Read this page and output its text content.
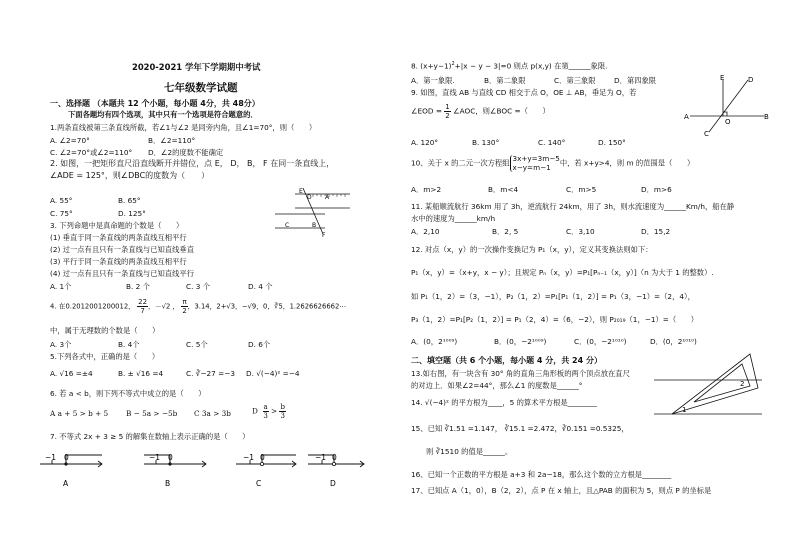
2020-2021 学年下学期期中考试
七年级数学试题
一、选择题 （本题共 12 个小题，每小题 4分，共 48分）
下面各题均有四个选项，其中只有一个选项是符合题意的．
1.两条直线被第三条直线所截，若∠1与∠2 是同旁内角，且∠1=70°，则（　　）
A. ∠2=70°	B．∠2=110°
C. ∠2=70°或∠2=110° D．∠2的度数不能确定
2. 如图，一把矩形直尺沿直线断开并错位，点 E， D， B， F 在同一条直线上，
∠ADE = 125°，则∠DBC的度数为（　　）
A. 55°	B. 65°
C. 75°	D. 125°
E
D A
C	B
F
3. 下列命题中是真命题的个数是（　　）
(1) 垂直于同一条直线的两条直线互相平行
(2) 过一点有且只有一条直线与已知直线垂直
(3) 平行于同一条直线的两条直线互相平行
(4) 过一点有且只有一条直线与已知直线平行
A. 1个	B. 2 个	C. 3 个	D. 4 个
4. 在0.2012001200012， $\frac{22}{7}$ ，－√2 ， $\frac{\pi}{2}$ ，3.14，2+√3，−√9，0，∛5，1.2626626662⋯
中，属于无理数的个数是（　　）
A. 3个	B. 4个	C. 5个	D. 6个
5.下列各式中，正确的是（　　）
A. √16 =±4	B. ± √16 =4	C. ∛−27 =−3 D. √(−4)² =−4
6. 若 a < b，则下列不等式中成立的是（　　）
A a + 5 > b + 5 B − 5a > −5b C 3a > 3b	D $\frac{a}{3} > \frac{b}{3}$
7. 不等式 2x + 3 ≥ 5 的解集在数轴上表示正确的是（　　）
−1 0	−1 0	−1 0	−1 0
A	B	C	D
8. $(x+y-1)^2+|x - y - 3|=0$ 则点 p(x,y) 在第______象限.
A．第一象限.	B．第二象限	C．第三象限	D．第四象限
9. 如图，直线 AB 与直线 CD 相交于点 O，OE ⊥ AB，垂足为 O，若
∠EOD = $\frac{1}{2}$ ∠AOC，则∠BOC =（　　）
A. 120°	B. 130°	C. 140°	D. 150°
E	D
A	B
O
C
10、关于 x 的二元一次方程组 3x+y=3m−5
x−y=m−1	中，若 x+y>4，则 m 的范围是（　　）
A．m>2	B．m<4	C．m>5	D．m>6
11. 某船顺流航行 36km 用了 3h，逆流航行 24km，用了 3h，则水流速度为______Km/h，船在静
水中的速度为______km/h
A．2,10	B．2, 5	C．3,10	D．15,2
12. 对点（x，y）的一次操作变换记为 P₁（x，y），定义其变换法则如下：
P₁（x，y）=（x+y，x − y）；且规定 Pₙ（x，y）=P₁[Pₙ₋₁（x，y）]（n 为大于 1 的整数）.
如 P₁（1，2）=（3，−1），P₂（1，2）=P₁[P₁（1，2）] = P₁（3，−1）=（2，4），
P₃（1，2）=P₁[P₂（1，2）] = P₁（2，4）=（6，−2），则 P₂₀₁₉（1，−1）=（　　）
A．(0，2¹⁰⁰⁹)	B．(0，−2¹⁰⁰⁹)	C．(0，−2¹⁰¹⁰)	D．(0，2¹⁰¹⁰)
二、填空题（共 6 个小题，每小题 4 分，共 24 分）
13.如右图，有一块含有 30° 角的直角三角形板的两个顶点放在直尺
的对边上．如果∠2=44°，那么∠1 的度数是______°	2
1
14. √(−4)² 的平方根为____，5 的算术平方根是________
15、已知 ∛1.51 =1.147， ∛15.1 =2.472，∛0.151 =0.5325，
则 ∛1510 的值是______。
16、已知一个正数的平方根是 a+3 和 2a−18，那么这个数的立方根是________
17、已知点 A（1，0），B（2，2），点 P 在 x 轴上，且△PAB 的面积为 5，则点 P 的坐标是
